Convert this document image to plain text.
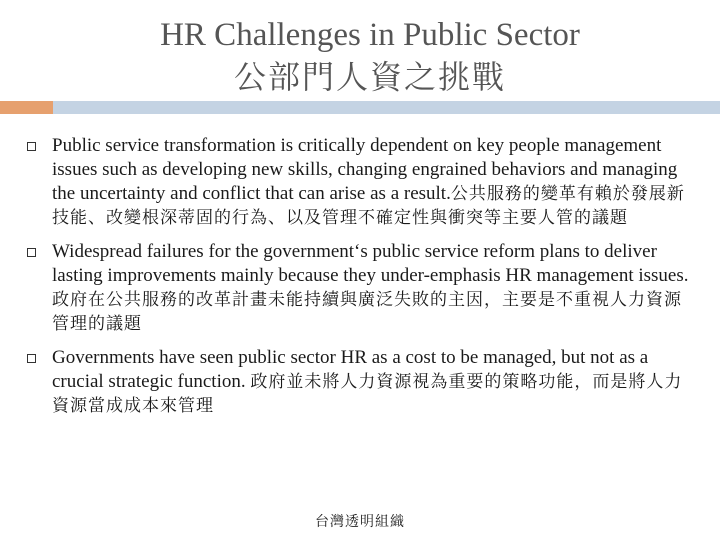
HR Challenges in Public Sector
公部門人資之挑戰
Public service transformation is critically dependent on key people management issues such as developing new skills, changing engrained behaviors and managing the uncertainty and conflict that can arise as a result.公共服務的變革有賴於發展新技能、改變根深蒂固的行為、以及管理不確定性與衝突等主要人管的議題
Widespread failures for the government‘s public service reform plans to deliver lasting improvements mainly because they under-emphasis HR management issues. 政府在公共服務的改革計畫未能持續與廣泛失敗的主因，主要是不重視人力資源管理的議題
Governments have seen public sector HR as a cost to be managed, but not as a crucial strategic function. 政府並未將人力資源視為重要的策略功能，而是將人力資源當成成本來管理
台灣透明組織
